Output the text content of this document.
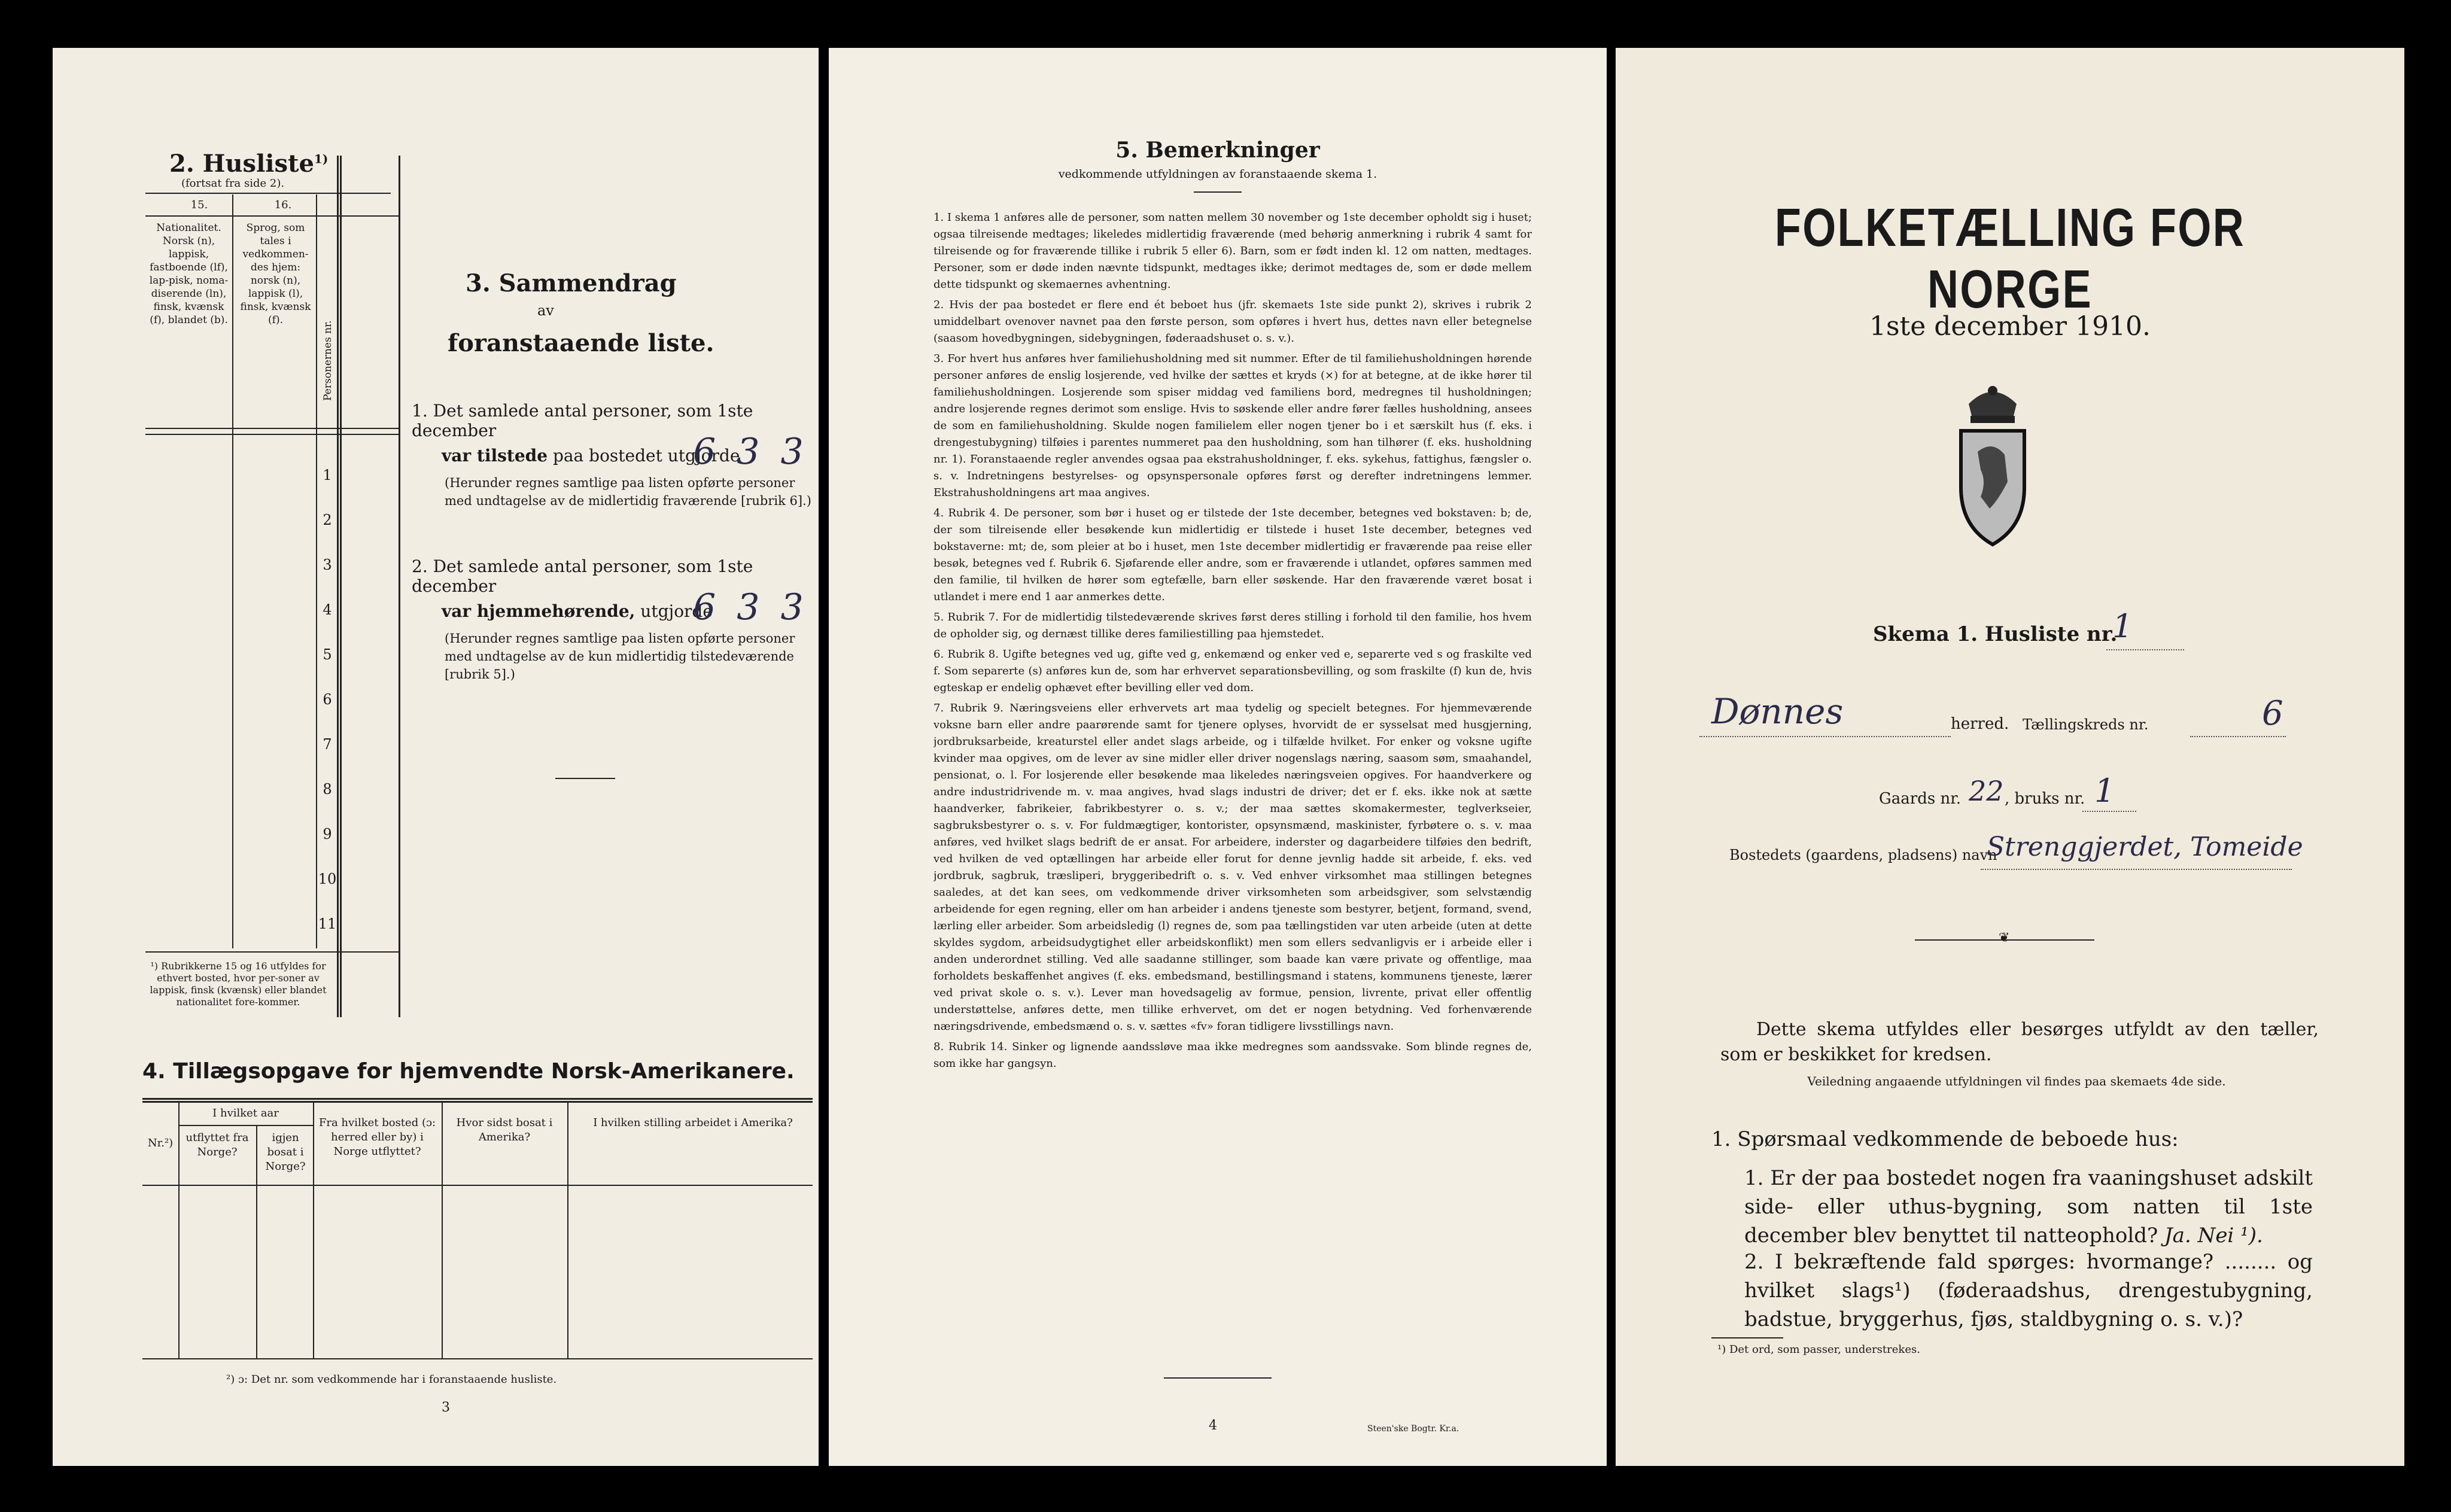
2. Husliste$^{1)}$
(fortsat fra side 2).
15.	16.
Nationalitet. Norsk (n), lappisk, fastboende (lf), lap-pisk, noma-diserende (ln), finsk, kvænsk (f), blandet (b).
Sprog, som tales i vedkommen-des hjem: norsk (n), lappisk (l), finsk, kvænsk (f).
Personernes nr.
1
2
3
4
5
6
7
8
9
10
11
¹) Rubrikkerne 15 og 16 utfyldes for ethvert bosted, hvor per-soner av lappisk, finsk (kvænsk) eller blandet nationalitet fore-kommer.
3. Sammendrag
av
foranstaaende liste.
1. Det samlede antal personer, som 1ste december
var tilstede paa bostedet utgjorde
6 3 3
(Herunder regnes samtlige paa listen opførte personer med undtagelse av de midlertidig fraværende [rubrik 6].)
2. Det samlede antal personer, som 1ste december
var hjemmehørende, utgjorde
6 3 3
(Herunder regnes samtlige paa listen opførte personer med undtagelse av de kun midlertidig tilstedeværende [rubrik 5].)
4. Tillægsopgave for hjemvendte Norsk-Amerikanere.
Nr.²)
I hvilket aar
utflyttet fra Norge?
igjen bosat i Norge?
Fra hvilket bosted (ɔ: herred eller by) i Norge utflyttet?
Hvor sidst bosat i Amerika?
I hvilken stilling arbeidet i Amerika?
²) ɔ: Det nr. som vedkommende har i foranstaaende husliste.
3
5. Bemerkninger
vedkommende utfyldningen av foranstaaende skema 1.

1. I skema 1 anføres alle de personer, som natten mellem 30 november og 1ste december opholdt sig i huset; ogsaa tilreisende medtages; likeledes midlertidig fraværende (med behørig anmerkning i rubrik 4 samt for tilreisende og for fraværende tillike i rubrik 5 eller 6). Barn, som er født inden kl. 12 om natten, medtages. Personer, som er døde inden nævnte tidspunkt, medtages ikke; derimot medtages de, som er døde mellem dette tidspunkt og skemaernes avhentning.

2. Hvis der paa bostedet er flere end ét beboet hus (jfr. skemaets 1ste side punkt 2), skrives i rubrik 2 umiddelbart ovenover navnet paa den første person, som opføres i hvert hus, dettes navn eller betegnelse (saasom hovedbygningen, sidebygningen, føderaadshuset o. s. v.).

3. For hvert hus anføres hver familiehusholdning med sit nummer. Efter de til familiehusholdningen hørende personer anføres de enslig losjerende, ved hvilke der sættes et kryds (×) for at betegne, at de ikke hører til familiehusholdningen. Losjerende som spiser middag ved familiens bord, medregnes til husholdningen; andre losjerende regnes derimot som enslige. Hvis to søskende eller andre fører fælles husholdning, ansees de som en familiehusholdning. Skulde nogen familielem eller nogen tjener bo i et særskilt hus (f. eks. i drengestubygning) tilføies i parentes nummeret paa den husholdning, som han tilhører (f. eks. husholdning nr. 1). Foranstaaende regler anvendes ogsaa paa ekstrahusholdninger, f. eks. sykehus, fattighus, fængsler o. s. v. Indretningens bestyrelses- og opsynspersonale opføres først og derefter indretningens lemmer. Ekstrahusholdningens art maa angives.

4. Rubrik 4. De personer, som bør i huset og er tilstede der 1ste december, betegnes ved bokstaven: b; de, der som tilreisende eller besøkende kun midlertidig er tilstede i huset 1ste december, betegnes ved bokstaverne: mt; de, som pleier at bo i huset, men 1ste december midlertidig er fraværende paa reise eller besøk, betegnes ved f. Rubrik 6. Sjøfarende eller andre, som er fraværende i utlandet, opføres sammen med den familie, til hvilken de hører som egtefælle, barn eller søskende. Har den fraværende været bosat i utlandet i mere end 1 aar anmerkes dette.

5. Rubrik 7. For de midlertidig tilstedeværende skrives først deres stilling i forhold til den familie, hos hvem de opholder sig, og dernæst tillike deres familiestilling paa hjemstedet.

6. Rubrik 8. Ugifte betegnes ved ug, gifte ved g, enkemænd og enker ved e, separerte ved s og fraskilte ved f. Som separerte (s) anføres kun de, som har erhvervet separationsbevilling, og som fraskilte (f) kun de, hvis egteskap er endelig ophævet efter bevilling eller ved dom.

7. Rubrik 9. Næringsveiens eller erhvervets art maa tydelig og specielt betegnes. For hjemmeværende voksne barn eller andre paarørende samt for tjenere oplyses, hvorvidt de er sysselsat med husgjerning, jordbruksarbeide, kreaturstel eller andet slags arbeide, og i tilfælde hvilket. For enker og voksne ugifte kvinder maa opgives, om de lever av sine midler eller driver nogenslags næring, saasom søm, smaahandel, pensionat, o. l. For losjerende eller besøkende maa likeledes næringsveien opgives. For haandverkere og andre industridrivende m. v. maa angives, hvad slags industri de driver; det er f. eks. ikke nok at sætte haandverker, fabrikeier, fabrikbestyrer o. s. v.; der maa sættes skomakermester, teglverkseier, sagbruksbestyrer o. s. v. For fuldmægtiger, kontorister, opsynsmænd, maskinister, fyrbøtere o. s. v. maa anføres, ved hvilket slags bedrift de er ansat. For arbeidere, inderster og dagarbeidere tilføies den bedrift, ved hvilken de ved optællingen har arbeide eller forut for denne jevnlig hadde sit arbeide, f. eks. ved jordbruk, sagbruk, træsliperi, bryggeribedrift o. s. v. Ved enhver virksomhet maa stillingen betegnes saaledes, at det kan sees, om vedkommende driver virksomheten som arbeidsgiver, som selvstændig arbeidende for egen regning, eller om han arbeider i andens tjeneste som bestyrer, betjent, formand, svend, lærling eller arbeider. Som arbeidsledig (l) regnes de, som paa tællingstiden var uten arbeide (uten at dette skyldes sygdom, arbeidsudygtighet eller arbeidskonflikt) men som ellers sedvanligvis er i arbeide eller i anden underordnet stilling. Ved alle saadanne stillinger, som baade kan være private og offentlige, maa forholdets beskaffenhet angives (f. eks. embedsmand, bestillingsmand i statens, kommunens tjeneste, lærer ved privat skole o. s. v.). Lever man hovedsagelig av formue, pension, livrente, privat eller offentlig understøttelse, anføres dette, men tillike erhvervet, om det er nogen betydning. Ved forhenværende næringsdrivende, embedsmænd o. s. v. sættes «fv» foran tidligere livsstillings navn.

8. Rubrik 14. Sinker og lignende aandssløve maa ikke medregnes som aandssvake. Som blinde regnes de, som ikke har gangsyn.

4	Steen'ske Bogtr. Kr.a.
FOLKETÆLLING FOR NORGE
1ste december 1910.
Skema 1. Husliste nr.
1
Dønnes	herred. Tællingskreds nr.	6
Gaards nr. 22 , bruks nr. 1
Bostedets (gaardens, pladsens) navn
Strenggjerdet, Tomeide
❦
Dette skema utfyldes eller besørges utfyldt av den tæller, som er beskikket for kredsen.
Veiledning angaaende utfyldningen vil findes paa skemaets 4de side.
1. Spørsmaal vedkommende de beboede hus:
1. Er der paa bostedet nogen fra vaaningshuset adskilt side- eller uthus-bygning, som natten til 1ste december blev benyttet til natteophold? Ja. Nei ¹).
2. I bekræftende fald spørges: hvormange? ........ og hvilket slags¹) (føderaadshus, drengestubygning, badstue, bryggerhus, fjøs, staldbygning o. s. v.)?
¹) Det ord, som passer, understrekes.
